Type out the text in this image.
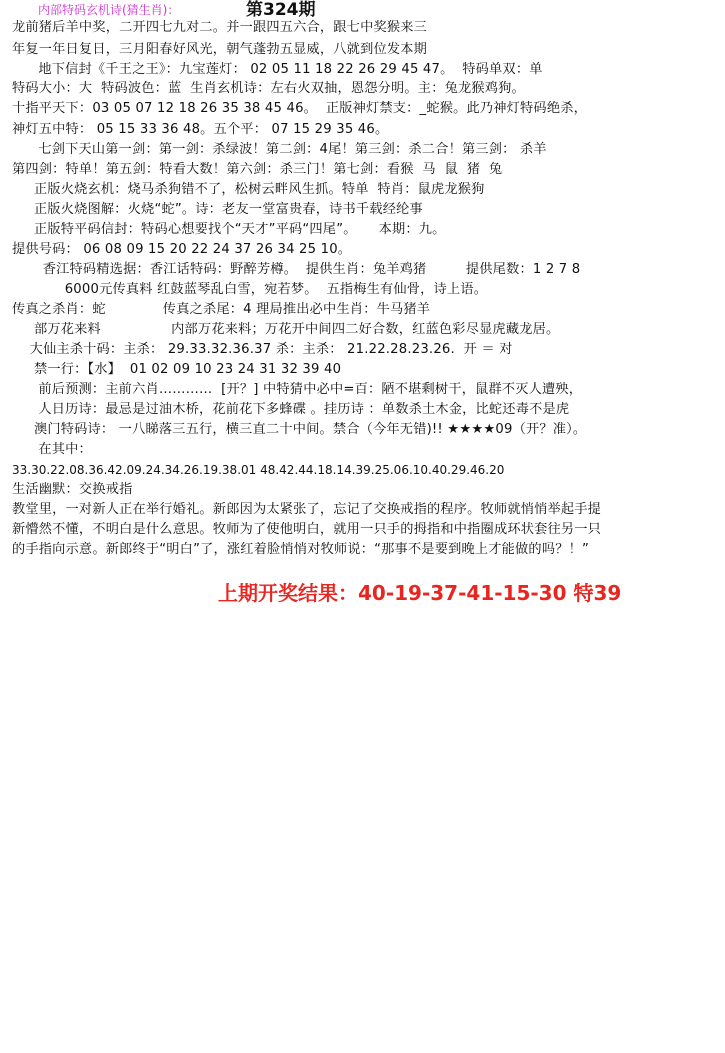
内部特码玄机诗(猜生肖)：	第324期
龙前猪后羊中奖，二开四七九对二。并一跟四五六合，跟七中奖猴来三
年复一年日复日，三月阳春好风光，朝气蓬勃五显威，八就到位发本期
地下信封《千王之王》：九宝莲灯： 02 05 11 18 22 26 29 45 47。  特码单双：单
特码大小：大  特码波色：蓝  生肖玄机诗：左右火双抽，恩怨分明。主：兔龙猴鸡狗。
十指平天下：03 05 07 12 18 26 35 38 45 46。  正版神灯禁支：_蛇猴。此乃神灯特码绝杀，
神灯五中特： 05 15 33 36 48。五个平： 07 15 29 35 46。
七剑下天山第一剑：第一剑：杀绿波！第二剑：4尾！第三剑：杀二合！第三剑： 杀羊
第四剑：特单！第五剑：特看大数！第六剑：杀三门！第七剑：看猴  马  鼠  猪  兔
正版火烧玄机：烧马杀狗错不了，松树云畔风生抓。特单  特肖：鼠虎龙猴狗
正版火烧图解：火烧“蛇”。诗：老友一堂富贵春，诗书千载经纶事
正版特平码信封：特码心想要找个“天才”平码“四尾”。     本期：九。
提供号码： 06 08 09 15 20 22 24 37 26 34 25 10。
香江特码精选据：香江话特码：野醉芳樽。  提供生肖：兔羊鸡猪         提供尾数：1 2 7 8
6000元传真料 红鼓蓝琴乱白雪，宛若梦。  五指梅生有仙骨，诗上语。
传真之杀肖：蛇             传真之杀尾：4 理局推出必中生肖：牛马猪羊
部万花来料                内部万花来料；万花开中间四二好合数，红蓝色彩尽显虎藏龙居。
大仙主杀十码：主杀： 29.33.32.36.37 杀：主杀： 21.22.28.23.26.  开 ＝ 对
禁一行：【水】  01 02 09 10 23 24 31 32 39 40
前后预测：主前六肖…………  [开？] 中特猜中必中=百：陋不堪剩树干，鼠群不灭人遭殃，
人日历诗：最忌是过油木桥，花前花下多蜂碟 。挂历诗 ：单数杀土木金，比蛇还毒不是虎
澳门特码诗： 一八睇落三五行，横三直二十中间。禁合（今年无错)!! ★★★★09（开？准）。
在其中：
33.30.22.08.36.42.09.24.34.26.19.38.01 48.42.44.18.14.39.25.06.10.40.29.46.20
生活幽默：交换戒指
教堂里，一对新人正在举行婚礼。新郎因为太紧张了，忘记了交换戒指的程序。牧师就悄悄举起手提
新懵然不懂，不明白是什么意思。牧师为了使他明白，就用一只手的拇指和中指圈成环状套往另一只
的手指向示意。新郎终于“明白”了，涨红着脸悄悄对牧师说：“那事不是要到晚上才能做的吗？！”
上期开奖结果：40-19-37-41-15-30 特39
